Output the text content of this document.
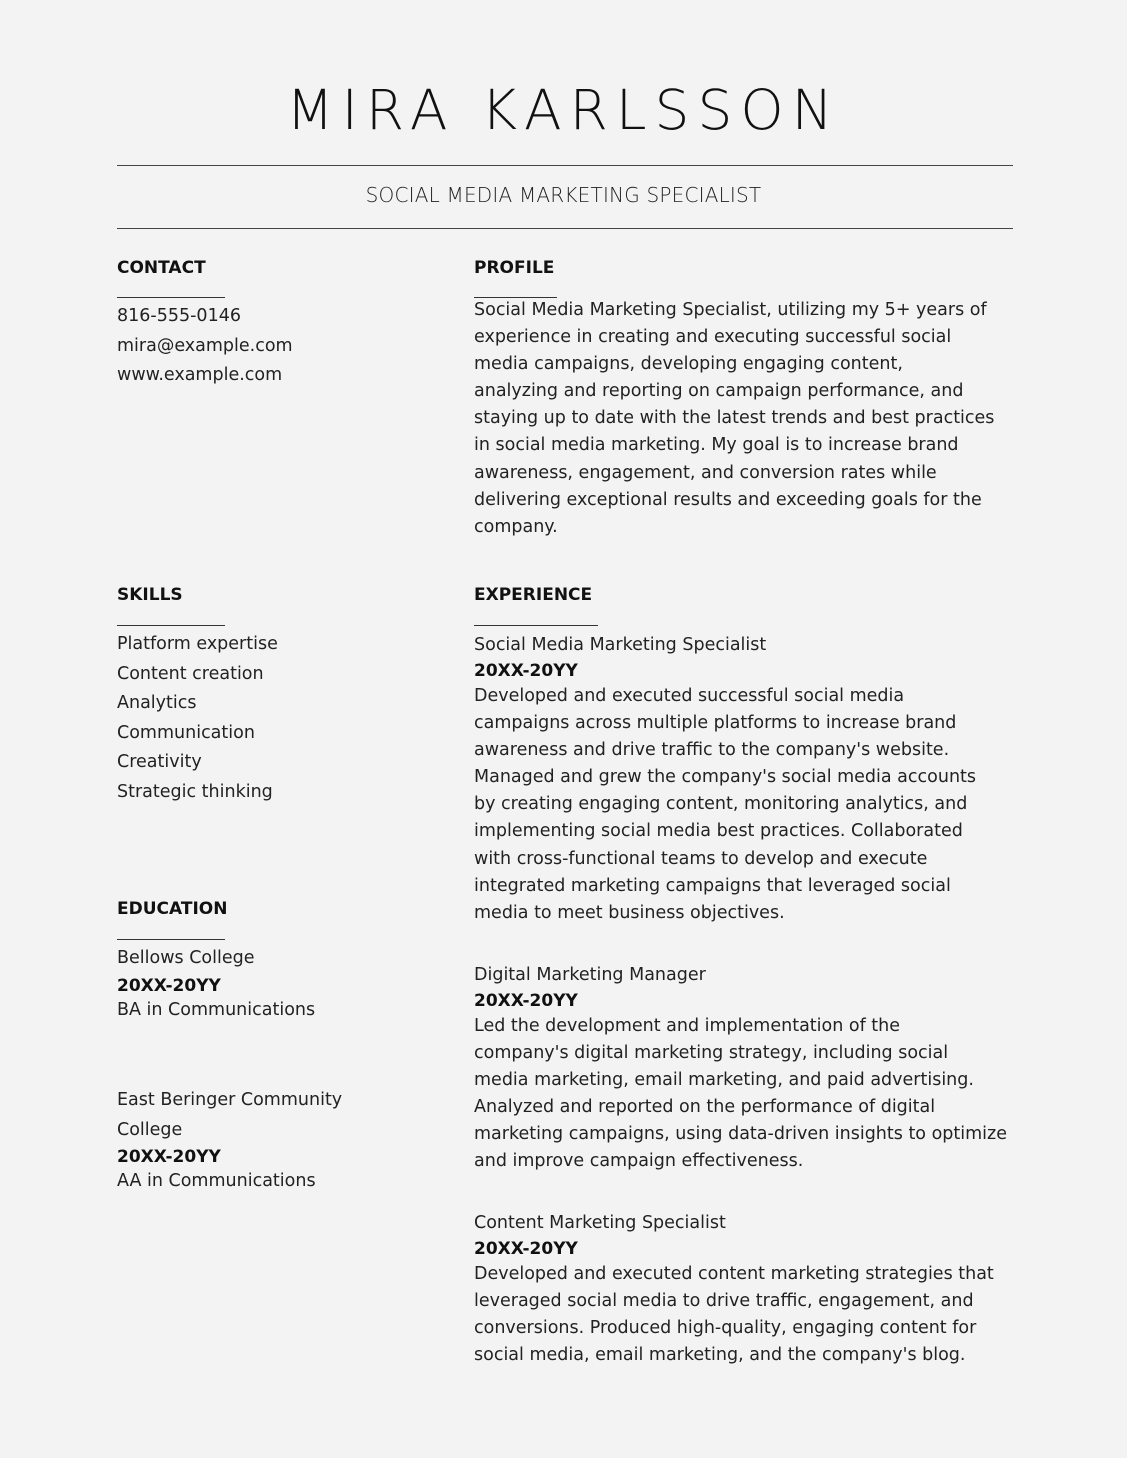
MIRA KARLSSON
SOCIAL MEDIA MARKETING SPECIALIST
CONTACT
816-555-0146
mira@example.com
www.example.com
PROFILE
Social Media Marketing Specialist, utilizing my 5+ years of
experience in creating and executing successful social
media campaigns, developing engaging content,
analyzing and reporting on campaign performance, and
staying up to date with the latest trends and best practices
in social media marketing. My goal is to increase brand
awareness, engagement, and conversion rates while
delivering exceptional results and exceeding goals for the
company.
SKILLS
Platform expertise
Content creation
Analytics
Communication
Creativity
Strategic thinking
EXPERIENCE
Social Media Marketing Specialist
20XX-20YY
Developed and executed successful social media
campaigns across multiple platforms to increase brand
awareness and drive traffic to the company's website.
Managed and grew the company's social media accounts
by creating engaging content, monitoring analytics, and
implementing social media best practices. Collaborated
with cross-functional teams to develop and execute
integrated marketing campaigns that leveraged social
media to meet business objectives.
Digital Marketing Manager
20XX-20YY
Led the development and implementation of the
company's digital marketing strategy, including social
media marketing, email marketing, and paid advertising.
Analyzed and reported on the performance of digital
marketing campaigns, using data-driven insights to optimize
and improve campaign effectiveness.
Content Marketing Specialist
20XX-20YY
Developed and executed content marketing strategies that
leveraged social media to drive traffic, engagement, and
conversions. Produced high-quality, engaging content for
social media, email marketing, and the company's blog.
EDUCATION
Bellows College
20XX-20YY
BA in Communications
East Beringer Community
College
20XX-20YY
AA in Communications
